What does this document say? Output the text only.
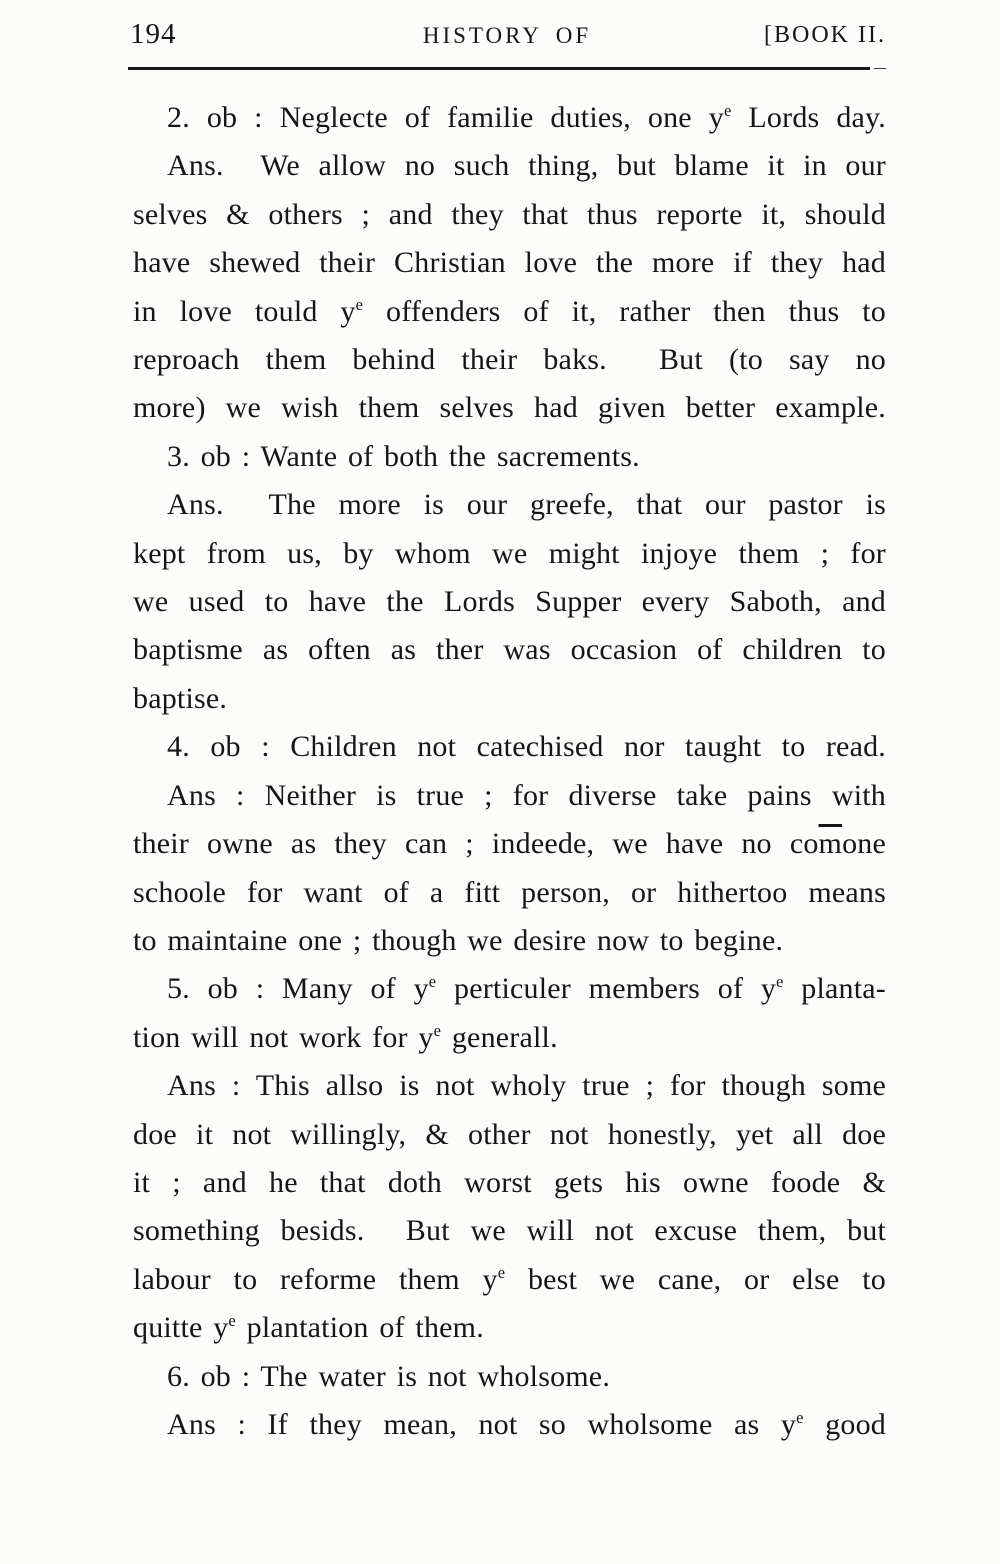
194	HISTORY OF	[BOOK II.
2. ob : Neglecte of familie duties, one $y^e$ Lords day.
Ans.  We allow no such thing, but blame it in our
selves & others ; and they that thus reporte it, should
have shewed their Christian love the more if they had
in love tould $y^e$ offenders of it, rather then thus to
reproach them behind their baks.  But (to say no
more) we wish them selves had given better example.
3. ob : Wante of both the sacrements.
Ans.  The more is our greefe, that our pastor is
kept from us, by whom we might injoye them ; for
we used to have the Lords Supper every Saboth, and
baptisme as often as ther was occasion of children to
baptise.
4. ob : Children not catechised nor taught to read.
Ans : Neither is true ; for diverse take pains with
their owne as they can ; indeede, we have no $co\overline{m}one$
schoole for want of a fitt person, or hithertoo means
to maintaine one ; though we desire now to begine.
5. ob : Many of $y^e$ perticuler members of $y^e$ planta-
tion will not work for $y^e$ generall.
Ans : This allso is not wholy true ; for though some
doe it not willingly, & other not honestly, yet all doe
it ; and he that doth worst gets his owne foode &
something besids.  But we will not excuse them, but
labour to reforme them $y^e$ best we cane, or else to
quitte $y^e$ plantation of them.
6. ob : The water is not wholsome.
Ans : If they mean, not so wholsome as $y^e$ good
